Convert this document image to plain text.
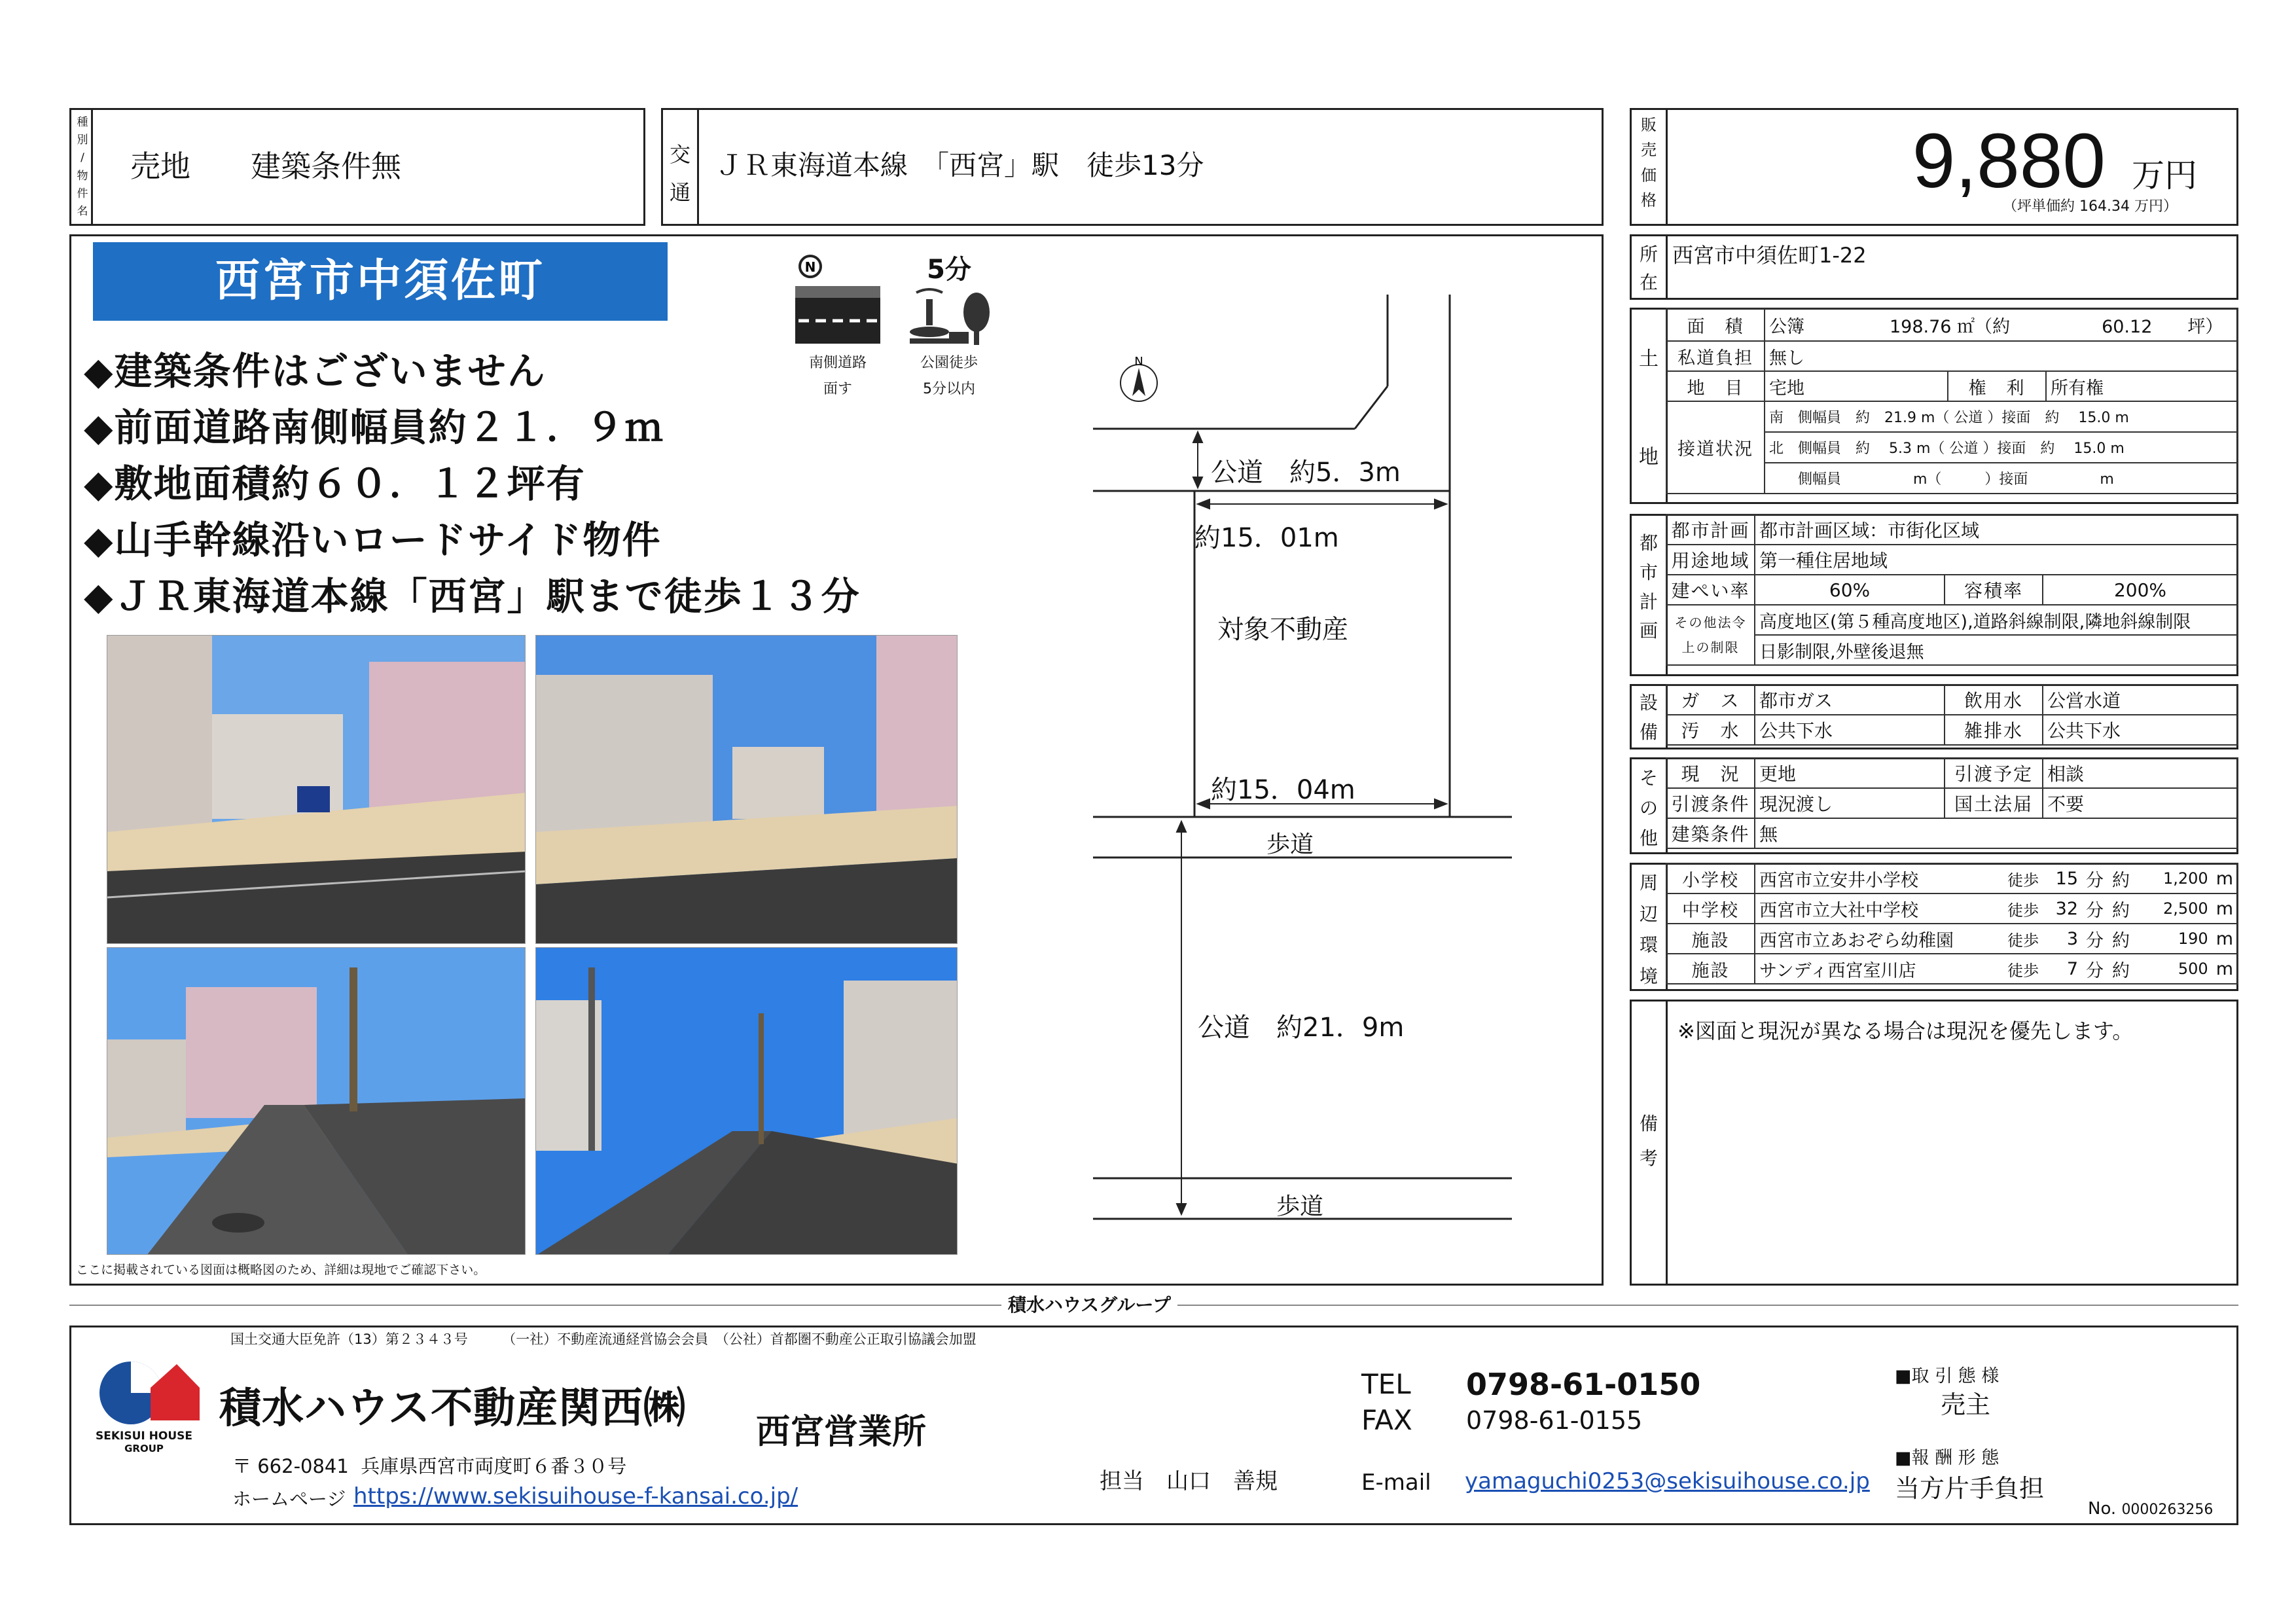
種
別
/
物
件
名
売地　　建築条件無	交
通
ＪＲ東海道本線　「西宮」駅　徒歩13分
販
売
価
格	9,880 万円
（坪単価約 164.34 万円）
西宮市中須佐町	N
南側道路
面す
5分
公園徒歩
5分以内
◆建築条件はございません
◆前面道路南側幅員約２１．９ｍ
◆敷地面積約６０．１２坪有
◆山手幹線沿いロードサイド物件
◆ＪＲ東海道本線「西宮」駅まで徒歩１３分
ここに掲載されている図面は概略図のため、詳細は現地でご確認下さい。
N
公道　約5．3m
約15．01m
対象不動産
約15．04m
歩道
公道　約21．9m
歩道
所
在
西宮市中須佐町1-22
土
地
面　積	公簿 198.76 ㎡（約 60.12　　 坪）		
私道負担	無し		
地　目	宅地	権　利	所有権
接道状況	南　側幅員　約　21.9 m（ 公道 ）接面　約　 15.0 m		
	北　側幅員　約　 5.3 m（ 公道 ）接面　約　 15.0 m		
	　　側幅員　　　　　m（　　　）接面　　　　　m		
都
市
計
画
都市計画	都市計画区域：市街化区域		
用途地域	第一種住居地域		
建ぺい率	60%	容積率	200%

その他法令
上の制限	高度地区(第５種高度地区),道路斜線制限,隣地斜線制限		
	日影制限,外壁後退無		
設
備
ガ　ス	都市ガス	飲用水	公営水道
汚　水	公共下水	雑排水	公共下水
そ
の
他
現　況	更地	引渡予定	相談
引渡条件	現況渡し	国土法届	不要
建築条件	無		
周
辺
環
境
小学校	西宮市立安井小学校	徒歩	15	分	約	1,200	m
中学校	西宮市立大社中学校	徒歩	32	分	約	2,500	m
施設	西宮市立あおぞら幼稚園	徒歩	3	分	約	190	m
施設	サンディ西宮室川店	徒歩	7	分	約	500	m
備
考
※図面と現況が異なる場合は現況を優先します。
積水ハウスグループ
国土交通大臣免許（13）第２３４３号　　　（一社）不動産流通経営協会会員　（公社）首都圏不動産公正取引協議会加盟
SEKISUI HOUSE
GROUP
積水ハウス不動産関西㈱ 西宮営業所
〒 662-0841  兵庫県西宮市両度町６番３０号
ホームページ https://www.sekisuihouse-f-kansai.co.jp/
TEL 0798-61-0150
FAX 0798-61-0155
担当　山口　善規	E-mail yamaguchi0253@sekisuihouse.co.jp
■取 引 態 様
売主
■報 酬 形 態
当方片手負担
No. 0000263256
